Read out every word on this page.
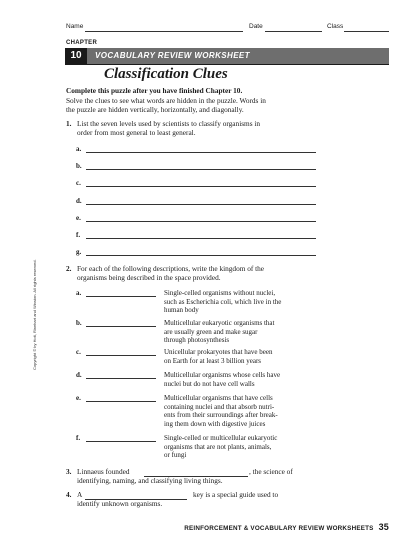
Name	Date	Class
CHAPTER
10	VOCABULARY REVIEW WORKSHEET
Classification Clues
Complete this puzzle after you have finished Chapter 10.
Solve the clues to see what words are hidden in the puzzle. Words in
the puzzle are hidden vertically, horizontally, and diagonally.
1. List the seven levels used by scientists to classify organisms in
order from most general to least general.
a.
b.
c.
d.
e.
f.
g.
2. For each of the following descriptions, write the kingdom of the
organisms being described in the space provided.
a.	Single-celled organisms without nuclei,
such as Escherichia coli, which live in the
human body
b.	Multicellular eukaryotic organisms that
are usually green and make sugar
through photosynthesis
c.	Unicellular prokaryotes that have been
on Earth for at least 3 billion years
d.	Multicellular organisms whose cells have
nuclei but do not have cell walls
e.	Multicellular organisms that have cells
containing nuclei and that absorb nutri-
ents from their surroundings after break-
ing them down with digestive juices
f.	Single-celled or multicellular eukaryotic
organisms that are not plants, animals,
or fungi
3. Linnaeus founded	, the science of
identifying, naming, and classifying living things.
4. A	key is a special guide used to
identify unknown organisms.
Copyright © by Holt, Rinehart and Winston. All rights reserved.
REINFORCEMENT & VOCABULARY REVIEW WORKSHEETS 35
